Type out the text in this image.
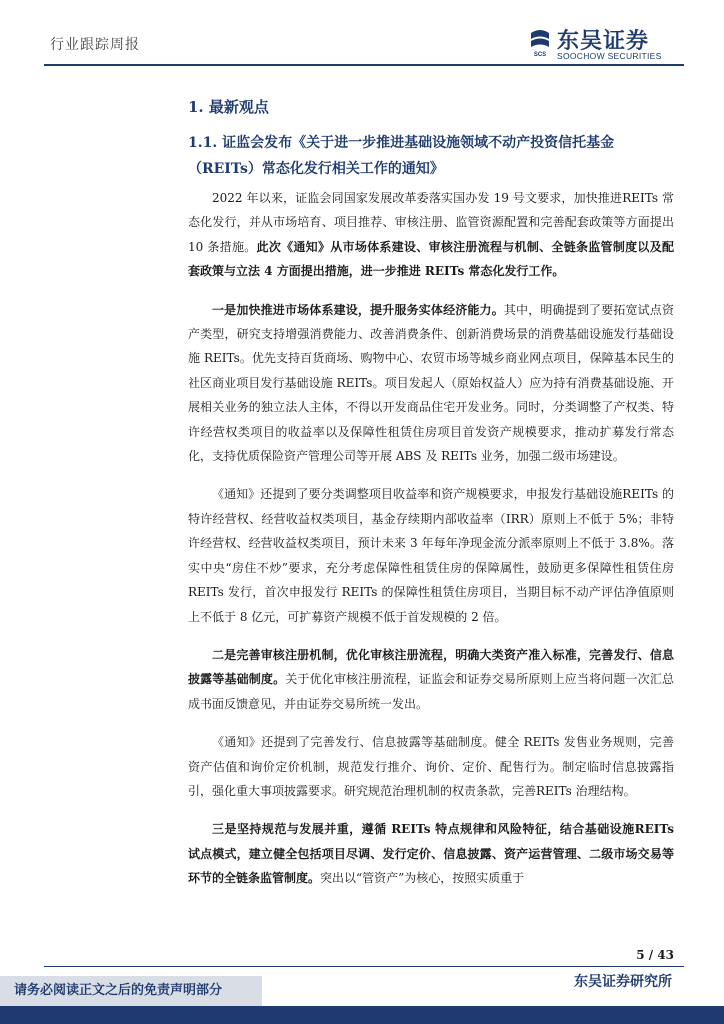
行业跟踪周报
SCS
东吴证券
SOOCHOW SECURITIES
1. 最新观点
1.1. 证监会发布《关于进一步推进基础设施领域不动产投资信托基金（REITs）常态化发行相关工作的通知》

2022 年以来，证监会同国家发展改革委落实国办发 19 号文要求，加快推进REITs 常态化发行，并从市场培育、项目推荐、审核注册、监管资源配置和完善配套政策等方面提出 10 条措施。此次《通知》从市场体系建设、审核注册流程与机制、全链条监管制度以及配套政策与立法 4 方面提出措施，进一步推进 REITs 常态化发行工作。

一是加快推进市场体系建设，提升服务实体经济能力。其中，明确提到了要拓宽试点资产类型，研究支持增强消费能力、改善消费条件、创新消费场景的消费基础设施发行基础设施 REITs。优先支持百货商场、购物中心、农贸市场等城乡商业网点项目，保障基本民生的社区商业项目发行基础设施 REITs。项目发起人（原始权益人）应为持有消费基础设施、开展相关业务的独立法人主体，不得以开发商品住宅开发业务。同时，分类调整了产权类、特许经营权类项目的收益率以及保障性租赁住房项目首发资产规模要求，推动扩募发行常态化，支持优质保险资产管理公司等开展 ABS 及 REITs 业务，加强二级市场建设。

《通知》还提到了要分类调整项目收益率和资产规模要求，申报发行基础设施REITs 的特许经营权、经营收益权类项目，基金存续期内部收益率（IRR）原则上不低于 5%；非特许经营权、经营收益权类项目，预计未来 3 年每年净现金流分派率原则上不低于 3.8%。落实中央“房住不炒”要求，充分考虑保障性租赁住房的保障属性，鼓励更多保障性租赁住房 REITs 发行，首次申报发行 REITs 的保障性租赁住房项目，当期目标不动产评估净值原则上不低于 8 亿元，可扩募资产规模不低于首发规模的 2 倍。

二是完善审核注册机制，优化审核注册流程，明确大类资产准入标准，完善发行、信息披露等基础制度。关于优化审核注册流程，证监会和证券交易所原则上应当将问题一次汇总成书面反馈意见，并由证券交易所统一发出。

《通知》还提到了完善发行、信息披露等基础制度。健全 REITs 发售业务规则，完善资产估值和询价定价机制，规范发行推介、询价、定价、配售行为。制定临时信息披露指引，强化重大事项披露要求。研究规范治理机制的权责条款，完善REITs 治理结构。

三是坚持规范与发展并重，遵循 REITs 特点规律和风险特征，结合基础设施REITs 试点模式，建立健全包括项目尽调、发行定价、信息披露、资产运营管理、二级市场交易等环节的全链条监管制度。突出以“管资产”为核心，按照实质重于

5 / 43
东吴证券研究所
请务必阅读正文之后的免责声明部分
